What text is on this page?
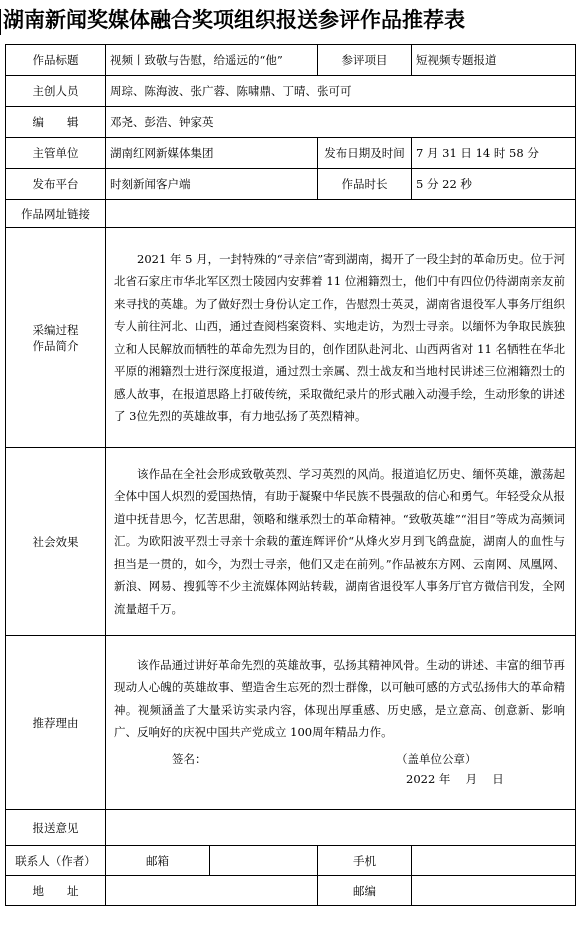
湖南新闻奖媒体融合奖项组织报送参评作品推荐表
作品标题	视频丨致敬与告慰，给遥远的“他”		参评项目	短视频专题报道
主创人员	周琮、陈海波、张广蓉、陈啸鼎、丁晴、张可可			
编　　辑	邓尧、彭浩、钟家英			
主管单位	湖南红网新媒体集团		发布日期及时间	7 月 31 日 14 时 58 分
发布平台	时刻新闻客户端		作品时长	5 分 22 秒
作品网址链接				

采编过程
作品简介	2021 年 5 月，一封特殊的“寻亲信”寄到湖南，揭开了一段尘封的革命历史。位于河北省石家庄市华北军区烈士陵园内安葬着 11 位湘籍烈士，他们中有四位仍待湖南亲友前来寻找的英雄。为了做好烈士身份认定工作，告慰烈士英灵，湖南省退役军人事务厅组织专人前往河北、山西，通过查阅档案资料、实地走访，为烈士寻亲。以缅怀为争取民族独立和人民解放而牺牲的革命先烈为目的，创作团队赴河北、山西两省对 11 名牺牲在华北平原的湘籍烈士进行深度报道，通过烈士亲属、烈士战友和当地村民讲述三位湘籍烈士的感人故事，在报道思路上打破传统，采取微纪录片的形式融入动漫手绘，生动形象的讲述了 3位先烈的英雄故事，有力地弘扬了英烈精神。			

社会效果	该作品在全社会形成致敬英烈、学习英烈的风尚。报道追忆历史、缅怀英雄，激荡起全体中国人炽烈的爱国热情，有助于凝聚中华民族不畏强敌的信心和勇气。年轻受众从报道中抚昔思今，忆苦思甜，领略和继承烈士的革命精神。“致敬英雄”“泪目”等成为高频词汇。为欧阳波平烈士寻亲十余载的董连辉评价“从烽火岁月到飞鸽盘旋，湖南人的血性与担当是一贯的，如今，为烈士寻亲，他们又走在前列。”作品被东方网、云南网、凤凰网、新浪、网易、搜狐等不少主流媒体网站转载，湖南省退役军人事务厅官方微信刊发，全网流量超千万。			

推荐理由	该作品通过讲好革命先烈的英雄故事，弘扬其精神风骨。生动的讲述、丰富的细节再现动人心魄的英雄故事、塑造舍生忘死的烈士群像，以可触可感的方式弘扬伟大的革命精神。视频涵盖了大量采访实录内容，体现出厚重感、历史感，是立意高、创意新、影响广、反响好的庆祝中国共产党成立 100周年精品力作。

签名： （盖单位公章）
2022 年　 月　 日			

报送意见				
联系人（作者）	邮箱		手机	
地　　址			邮编	
